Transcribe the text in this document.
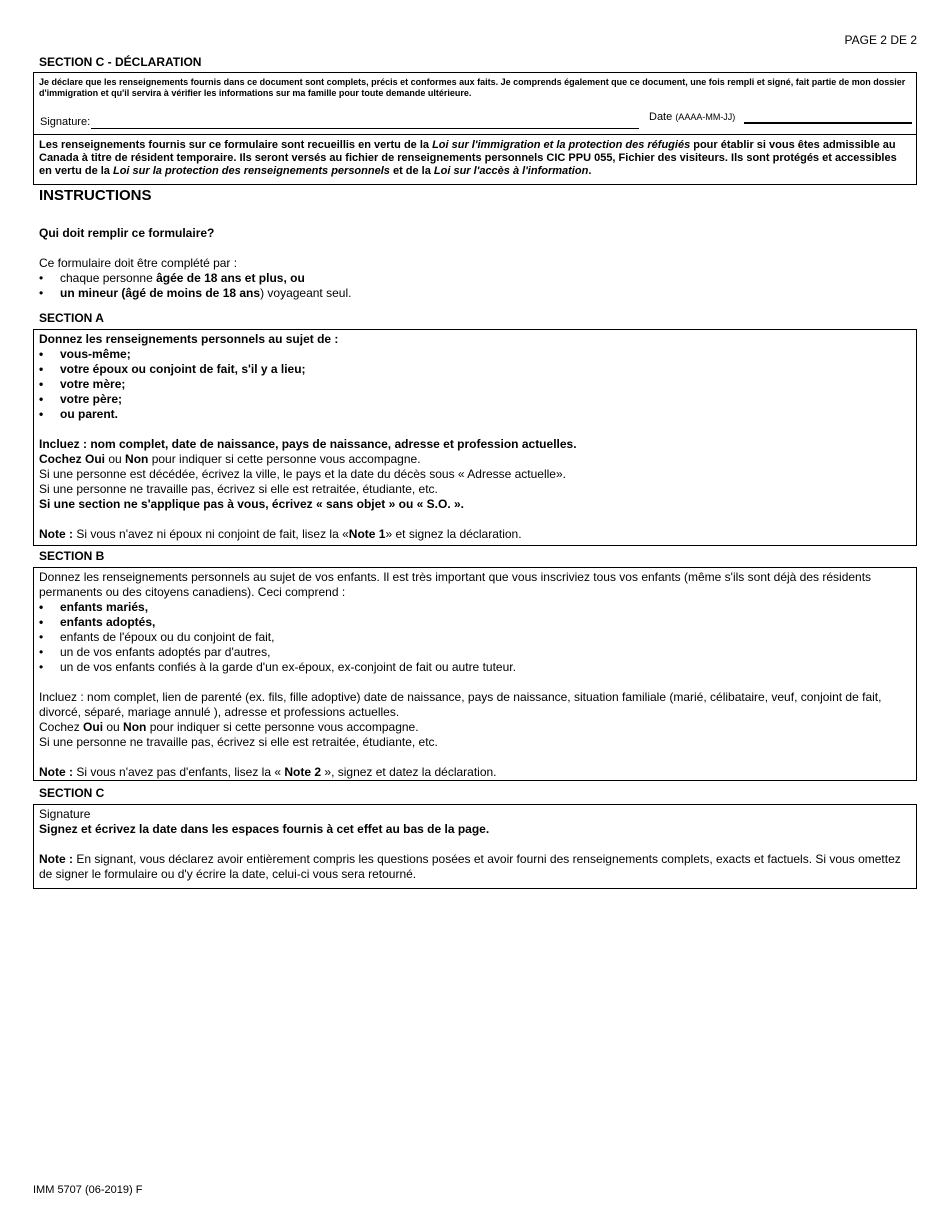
PAGE 2 DE 2
SECTION C - DÉCLARATION
Je déclare que les renseignements fournis dans ce document sont complets, précis et conformes aux faits. Je comprends également que ce document, une fois rempli et signé, fait partie de mon dossier d'immigration et qu'il servira à vérifier les informations sur ma famille pour toute demande ultérieure.
Signature:	Date (AAAA-MM-JJ)
Les renseignements fournis sur ce formulaire sont recueillis en vertu de la Loi sur l'immigration et la protection des réfugiés pour établir si vous êtes admissible au Canada à titre de résident temporaire. Ils seront versés au fichier de renseignements personnels CIC PPU 055, Fichier des visiteurs. Ils sont protégés et accessibles en vertu de la Loi sur la protection des renseignements personnels et de la Loi sur l'accès à l'information.
INSTRUCTIONS
Qui doit remplir ce formulaire?
Ce formulaire doit être complété par :
• chaque personne âgée de 18 ans et plus, ou
• un mineur (âgé de moins de 18 ans) voyageant seul.
SECTION A
Donnez les renseignements personnels au sujet de :
• vous-même;
• votre époux ou conjoint de fait, s'il y a lieu;
• votre mère;
• votre père;
• ou parent.
Incluez : nom complet, date de naissance, pays de naissance, adresse et profession actuelles.
Cochez Oui ou Non pour indiquer si cette personne vous accompagne.
Si une personne est décédée, écrivez la ville, le pays et la date du décès sous « Adresse actuelle».
Si une personne ne travaille pas, écrivez si elle est retraitée, étudiante, etc.
Si une section ne s'applique pas à vous, écrivez « sans objet » ou « S.O. ».
Note : Si vous n'avez ni époux ni conjoint de fait, lisez la «Note 1» et signez la déclaration.
SECTION B
Donnez les renseignements personnels au sujet de vos enfants. Il est très important que vous inscriviez tous vos enfants (même s'ils sont déjà des résidents permanents ou des citoyens canadiens). Ceci comprend :
• enfants mariés,
• enfants adoptés,
• enfants de l'époux ou du conjoint de fait,
• un de vos enfants adoptés par d'autres,
• un de vos enfants confiés à la garde d'un ex-époux, ex-conjoint de fait ou autre tuteur.
Incluez : nom complet, lien de parenté (ex. fils, fille adoptive) date de naissance, pays de naissance, situation familiale (marié, célibataire, veuf, conjoint de fait, divorcé, séparé, mariage annulé ), adresse et professions actuelles.
Cochez Oui ou Non pour indiquer si cette personne vous accompagne.
Si une personne ne travaille pas, écrivez si elle est retraitée, étudiante, etc.
Note : Si vous n'avez pas d'enfants, lisez la « Note 2 », signez et datez la déclaration.
SECTION C
Signature
Signez et écrivez la date dans les espaces fournis à cet effet au bas de la page.
Note : En signant, vous déclarez avoir entièrement compris les questions posées et avoir fourni des renseignements complets, exacts et factuels. Si vous omettez de signer le formulaire ou d'y écrire la date, celui-ci vous sera retourné.
IMM 5707 (06-2019) F
